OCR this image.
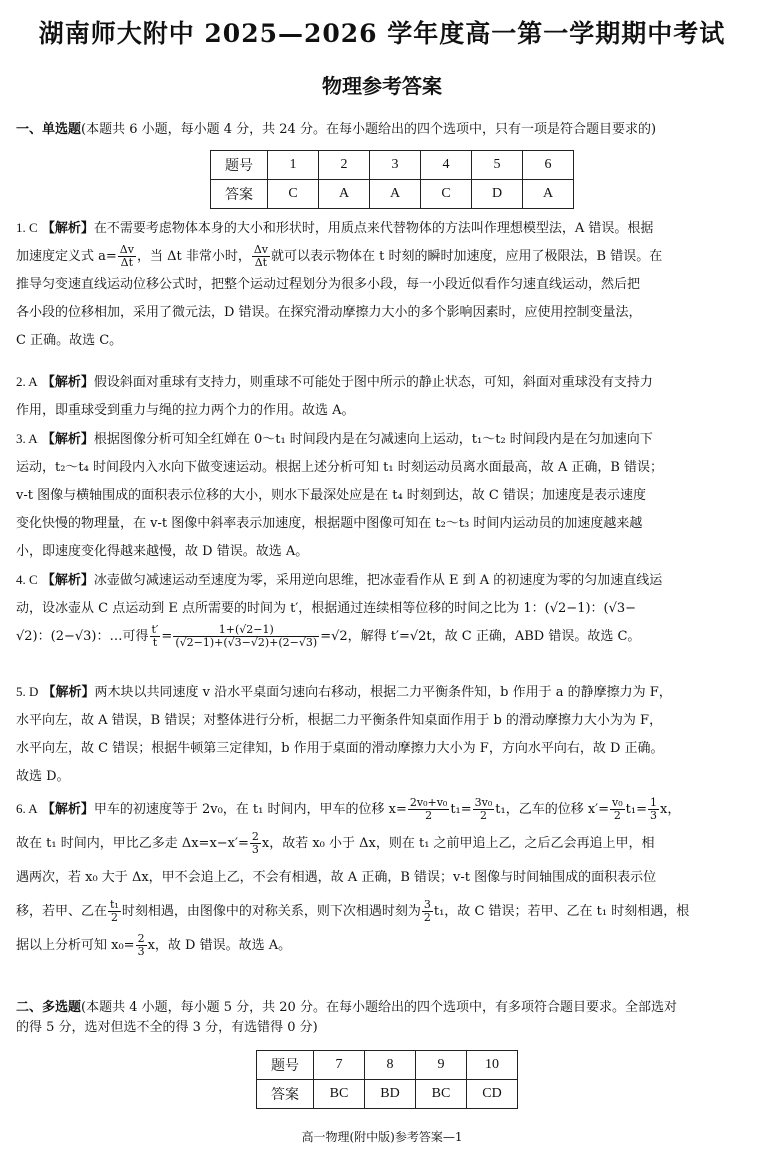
湖南师大附中 2025—2026 学年度高一第一学期期中考试
物理参考答案
一、单选题(本题共 6 小题，每小题 4 分，共 24 分。在每小题给出的四个选项中，只有一项是符合题目要求的)
题号	1	2	3	4	5	6
答案	C	A	A	C	D	A
1. C 【解析】在不需要考虑物体本身的大小和形状时，用质点来代替物体的方法叫作理想模型法，A 错误。根据
加速度定义式 $a= \frac{\Delta v}{\Delta t}$ ，当 Δt 非常小时， $\frac{\Delta v}{\Delta t}$ 就可以表示物体在 t 时刻的瞬时加速度，应用了极限法，B 错误。在
推导匀变速直线运动位移公式时，把整个运动过程划分为很多小段，每一小段近似看作匀速直线运动，然后把
各小段的位移相加，采用了微元法，D 错误。在探究滑动摩擦力大小的多个影响因素时，应使用控制变量法，
C 正确。故选 C。
2. A 【解析】假设斜面对重球有支持力，则重球不可能处于图中所示的静止状态，可知，斜面对重球没有支持力
作用，即重球受到重力与绳的拉力两个力的作用。故选 A。
3. A 【解析】根据图像分析可知全红婵在 0～t₁ 时间段内是在匀减速向上运动，t₁～t₂ 时间段内是在匀加速向下
运动，t₂～t₄ 时间段内入水向下做变速运动。根据上述分析可知 t₁ 时刻运动员离水面最高，故 A 正确，B 错误；
v-t 图像与横轴围成的面积表示位移的大小，则水下最深处应是在 t₄ 时刻到达，故 C 错误；加速度是表示速度
变化快慢的物理量，在 v-t 图像中斜率表示加速度，根据题中图像可知在 t₂～t₃ 时间内运动员的加速度越来越
小，即速度变化得越来越慢，故 D 错误。故选 A。
4. C 【解析】冰壶做匀减速运动至速度为零，采用逆向思维，把冰壶看作从 E 到 A 的初速度为零的匀加速直线运
动，设冰壶从 C 点运动到 E 点所需要的时间为 t′，根据通过连续相等位移的时间之比为 1：(√2−1)：(√3−
√2)：(2−√3)：…可得 $\frac{t'}{t} = \frac{1+(√2-1)}{(√2-1)+(√3-√2)+(2-√3)} =√2$，解得 t′=√2t，故 C 正确，ABD 错误。故选 C。
5. D 【解析】两木块以共同速度 v 沿水平桌面匀速向右移动，根据二力平衡条件知，b 作用于 a 的静摩擦力为 F，
水平向左，故 A 错误，B 错误；对整体进行分析，根据二力平衡条件知桌面作用于 b 的滑动摩擦力大小为为 F，
水平向左，故 C 错误；根据牛顿第三定律知，b 作用于桌面的滑动摩擦力大小为 F，方向水平向右，故 D 正确。
故选 D。
6. A 【解析】甲车的初速度等于 2v₀，在 t₁ 时间内，甲车的位移 $x= \frac{\text{2v₀+v₀}}{2} t_1= \frac{\text{3v₀}}{2} t_1$，乙车的位移 $x'= \frac{\text{v₀}}{2} t_1= \frac{1}{3}$ x，
故在 t₁ 时间内，甲比乙多走 $\Delta x=x-x'= \frac{2}{3}$ x，故若 x₀ 小于 Δx，则在 t₁ 之前甲追上乙，之后乙会再追上甲，相
遇两次，若 x₀ 大于 Δx，甲不会追上乙，不会有相遇，故 A 正确，B 错误；v-t 图像与时间轴围成的面积表示位
移，若甲、乙在 $\frac{\text{t₁}}{2}$ 时刻相遇，由图像中的对称关系，则下次相遇时刻为 $\frac{3}{2} t_1$，故 C 错误；若甲、乙在 t₁ 时刻相遇，根
据以上分析可知 $x_0= \frac{2}{3}$ x，故 D 错误。故选 A。
二、多选题(本题共 4 小题，每小题 5 分，共 20 分。在每小题给出的四个选项中，有多项符合题目要求。全部选对
的得 5 分，选对但选不全的得 3 分，有选错得 0 分)
题号	7	8	9	10
答案	BC	BD	BC	CD
高一物理(附中版)参考答案—1
